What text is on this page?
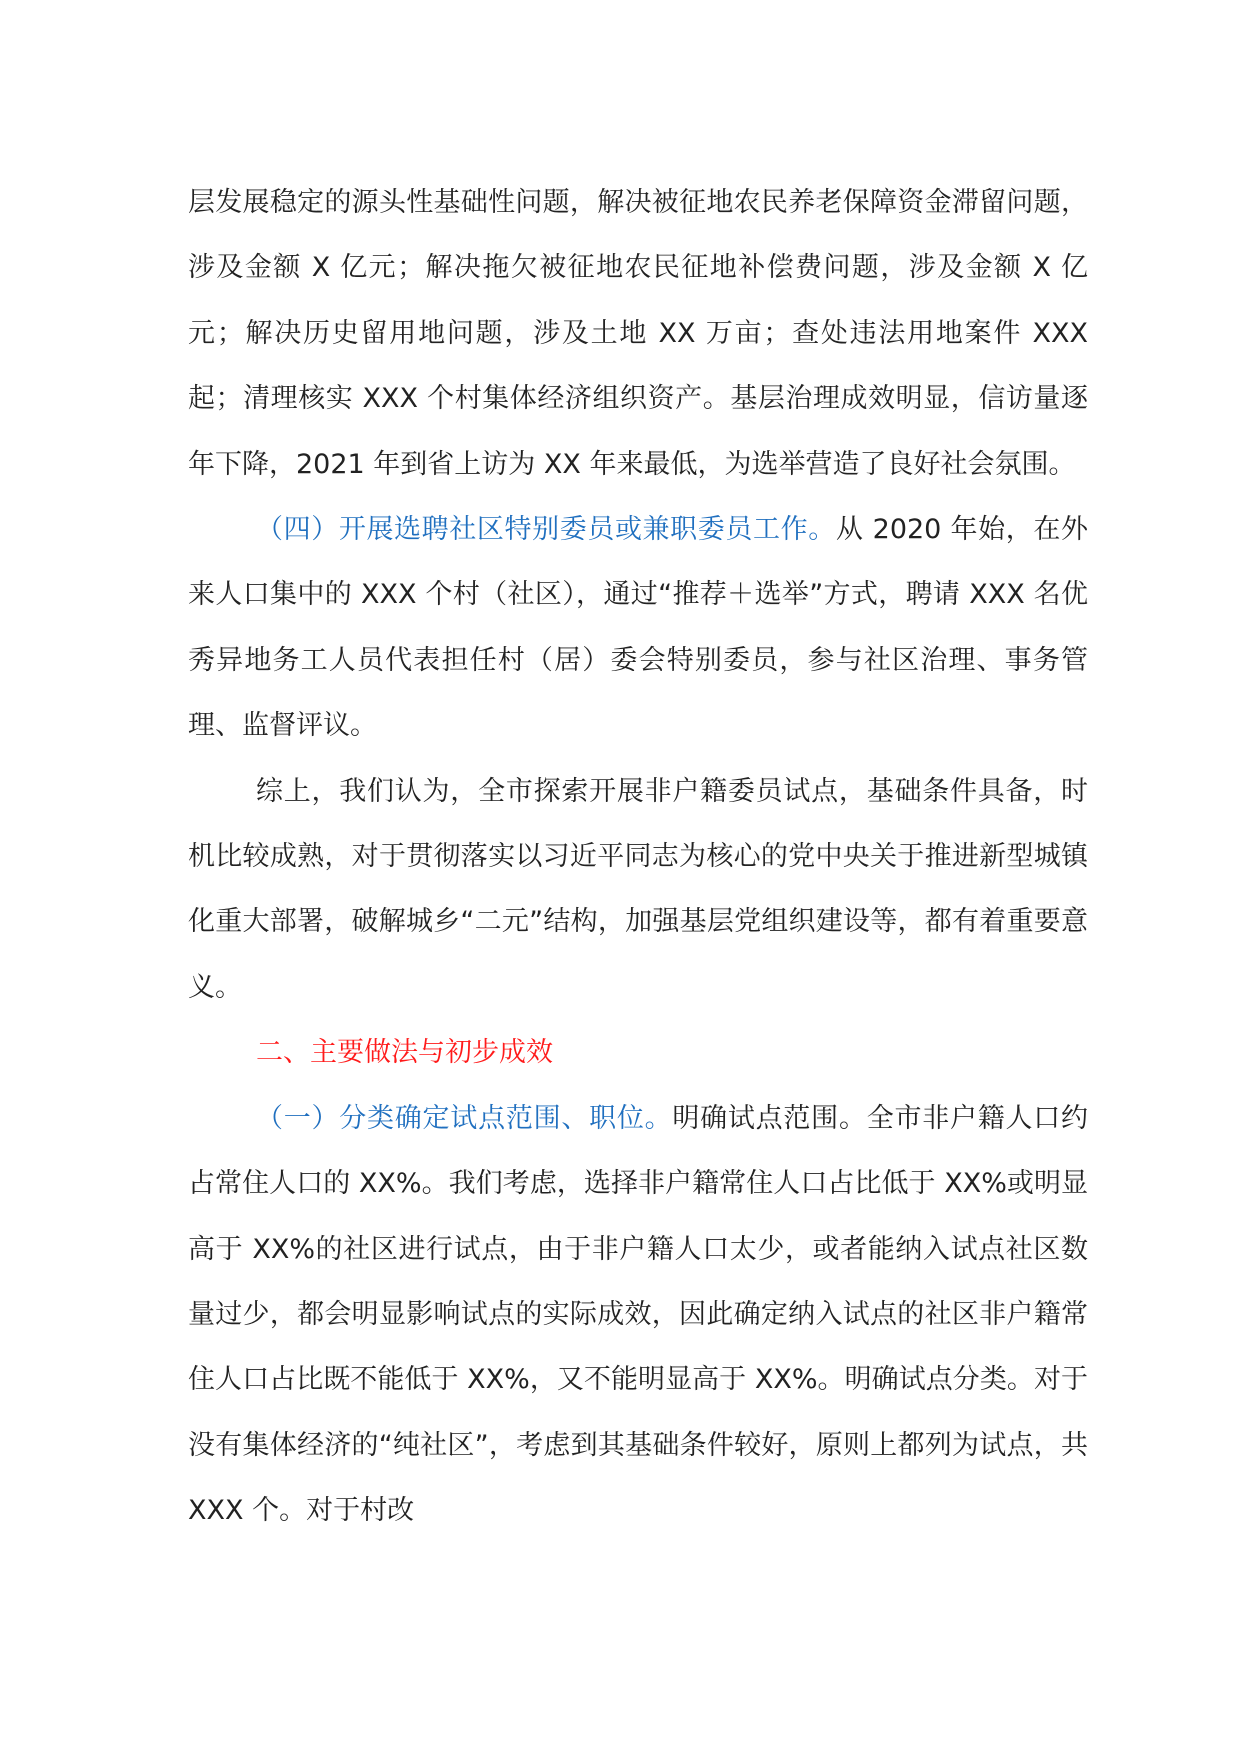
层发展稳定的源头性基础性问题，解决被征地农民养老保障资金滞留问题，涉及金额 X 亿元；解决拖欠被征地农民征地补偿费问题，涉及金额 X 亿元；解决历史留用地问题，涉及土地 XX 万亩；查处违法用地案件 XXX 起；清理核实 XXX 个村集体经济组织资产。基层治理成效明显，信访量逐年下降，2021 年到省上访为 XX 年来最低，为选举营造了良好社会氛围。

（四）开展选聘社区特别委员或兼职委员工作。从 2020 年始，在外来人口集中的 XXX 个村（社区），通过“推荐＋选举”方式，聘请 XXX 名优秀异地务工人员代表担任村（居）委会特别委员，参与社区治理、事务管理、监督评议。

综上，我们认为，全市探索开展非户籍委员试点，基础条件具备，时机比较成熟，对于贯彻落实以习近平同志为核心的党中央关于推进新型城镇化重大部署，破解城乡“二元”结构，加强基层党组织建设等，都有着重要意义。

二、主要做法与初步成效

（一）分类确定试点范围、职位。明确试点范围。全市非户籍人口约占常住人口的 XX%。我们考虑，选择非户籍常住人口占比低于 XX%或明显高于 XX%的社区进行试点，由于非户籍人口太少，或者能纳入试点社区数量过少，都会明显影响试点的实际成效，因此确定纳入试点的社区非户籍常住人口占比既不能低于 XX%，又不能明显高于 XX%。明确试点分类。对于没有集体经济的“纯社区”，考虑到其基础条件较好，原则上都列为试点，共 XXX 个。对于村改
